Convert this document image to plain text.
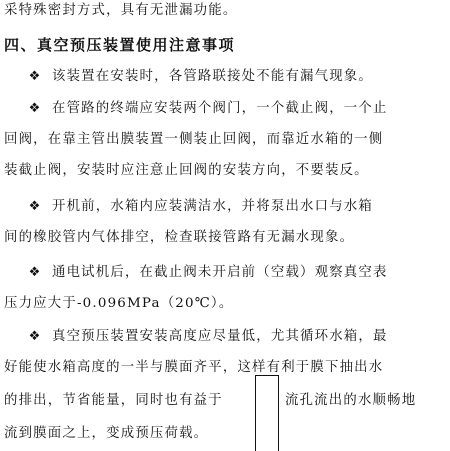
采特殊密封方式，具有无泄漏功能。
四、真空预压装置使用注意事项
❖ 该装置在安装时，各管路联接处不能有漏气现象。
❖ 在管路的终端应安装两个阀门，一个截止阀，一个止
回阀，在靠主管出膜装置一侧装止回阀，而靠近水箱的一侧
装截止阀，安装时应注意止回阀的安装方向，不要装反。
❖ 开机前，水箱内应装满洁水，并将泵出水口与水箱
间的橡胶管内气体排空，检查联接管路有无漏水现象。
❖ 通电试机后，在截止阀未开启前（空载）观察真空表
压力应大于-0.096MPa（20℃）。
❖ 真空预压装置安装高度应尽量低，尤其循环水箱，最
好能使水箱高度的一半与膜面齐平，这样有利于膜下抽出水
的排出，节省能量，同时也有益于	流孔流出的水顺畅地
流到膜面之上，变成预压荷载。
